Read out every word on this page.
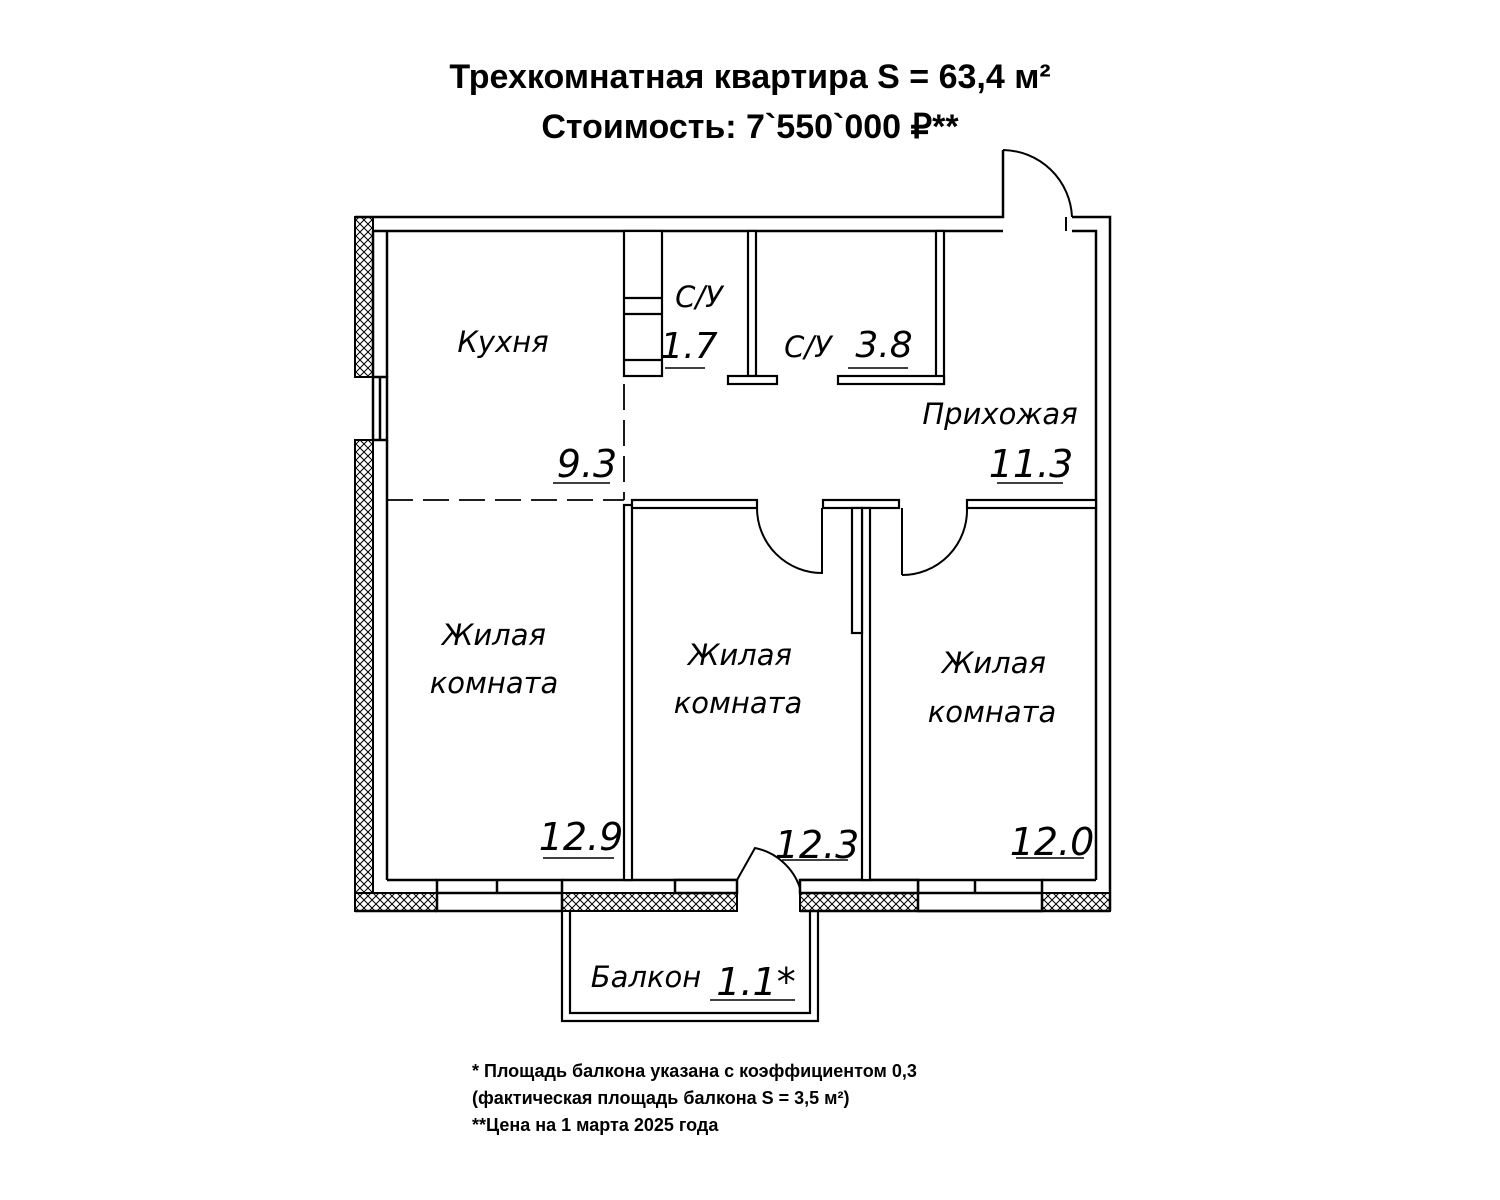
Трехкомнатная квартира S = 63,4 м²
Стоимость: 7`550`000 ₽**
Кухня
С/У
1.7 С/У 3.8
Прихожая
11.3
9.3
Жилая
комната
12.9
Жилая
комната
12.3
Жилая
комната
12.0
Балкон 1.1*
* Площадь балкона указана с коэффициентом 0,3
(фактическая площадь балкона S = 3,5 м²)
**Цена на 1 марта 2025 года
